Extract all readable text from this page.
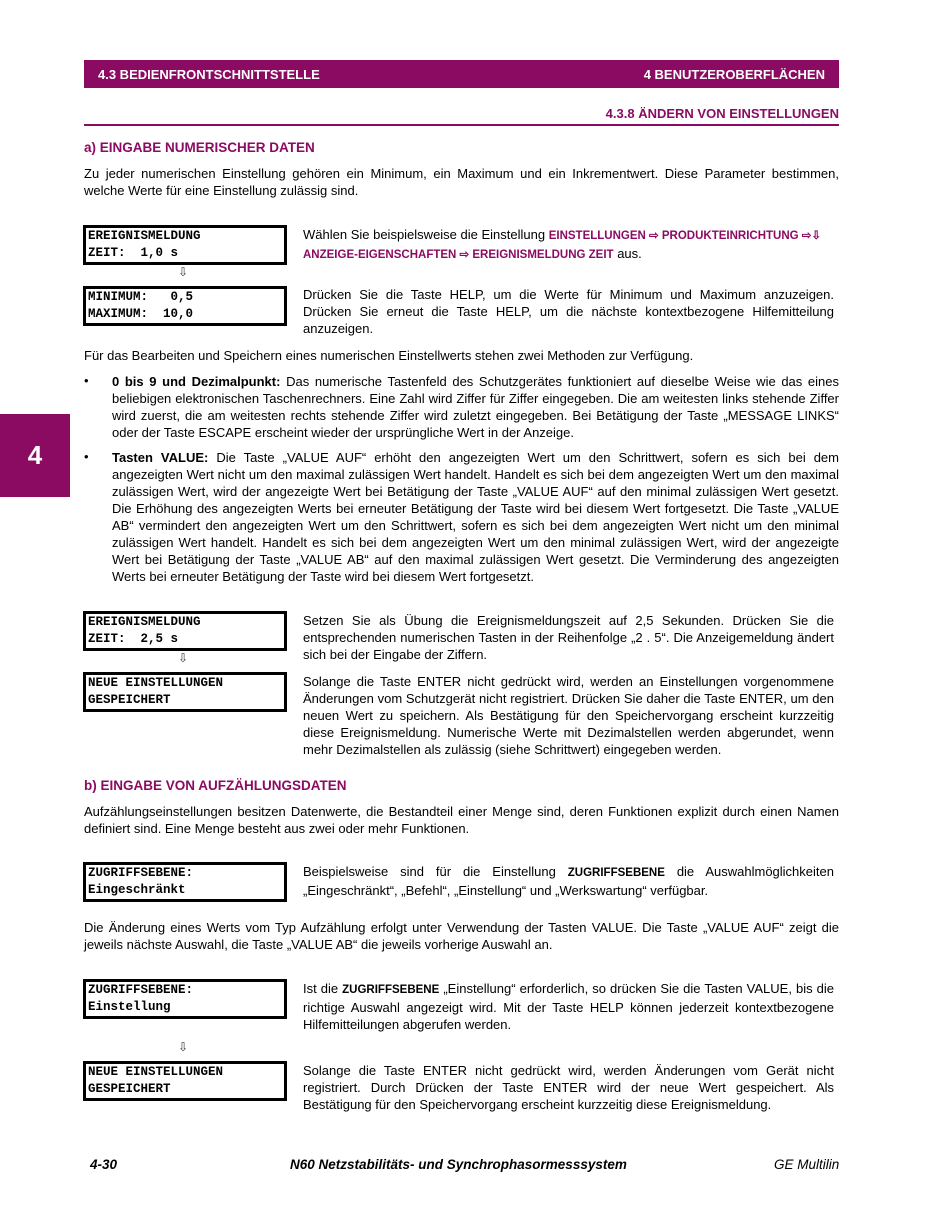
4.3 BEDIENFRONTSCHNITTSTELLE	4 BENUTZEROBERFLÄCHEN
4.3.8 ÄNDERN VON EINSTELLUNGEN
4
a) EINGABE NUMERISCHER DATEN
Zu jeder numerischen Einstellung gehören ein Minimum, ein Maximum und ein Inkrementwert. Diese Parameter bestimmen, welche Werte für eine Einstellung zulässig sind.
EREIGNISMELDUNG
ZEIT:  1,0 s
⇩
MINIMUM:   0,5
MAXIMUM:  10,0
Wählen Sie beispielsweise die Einstellung EINSTELLUNGEN ⇨ PRODUKTEINRICHTUNG ⇨⇩
ANZEIGE-EIGENSCHAFTEN ⇨ EREIGNISMELDUNG ZEIT aus.
Drücken Sie die Taste HELP, um die Werte für Minimum und Maximum anzuzeigen. Drücken Sie erneut die Taste HELP, um die nächste kontextbezogene Hilfemitteilung anzuzeigen.
Für das Bearbeiten und Speichern eines numerischen Einstellwerts stehen zwei Methoden zur Verfügung.
• 0 bis 9 und Dezimalpunkt: Das numerische Tastenfeld des Schutzgerätes funktioniert auf dieselbe Weise wie das eines beliebigen elektronischen Taschenrechners. Eine Zahl wird Ziffer für Ziffer eingegeben. Die am weitesten links stehende Ziffer wird zuerst, die am weitesten rechts stehende Ziffer wird zuletzt eingegeben. Bei Betätigung der Taste „MESSAGE LINKS“ oder der Taste ESCAPE erscheint wieder der ursprüngliche Wert in der Anzeige.
• Tasten VALUE: Die Taste „VALUE AUF“ erhöht den angezeigten Wert um den Schrittwert, sofern es sich bei dem angezeigten Wert nicht um den maximal zulässigen Wert handelt. Handelt es sich bei dem angezeigten Wert um den maximal zulässigen Wert, wird der angezeigte Wert bei Betätigung der Taste „VALUE AUF“ auf den minimal zulässigen Wert gesetzt. Die Erhöhung des angezeigten Werts bei erneuter Betätigung der Taste wird bei diesem Wert fortgesetzt. Die Taste „VALUE AB“ vermindert den angezeigten Wert um den Schrittwert, sofern es sich bei dem angezeigten Wert nicht um den minimal zulässigen Wert handelt. Handelt es sich bei dem angezeigten Wert um den minimal zulässigen Wert, wird der angezeigte Wert bei Betätigung der Taste „VALUE AB“ auf den maximal zulässigen Wert gesetzt. Die Verminderung des angezeigten Werts bei erneuter Betätigung der Taste wird bei diesem Wert fortgesetzt.
EREIGNISMELDUNG
ZEIT:  2,5 s
⇩
NEUE EINSTELLUNGEN
GESPEICHERT
Setzen Sie als Übung die Ereignismeldungszeit auf 2,5 Sekunden. Drücken Sie die entsprechenden numerischen Tasten in der Reihenfolge „2 . 5“. Die Anzeigemeldung ändert sich bei der Eingabe der Ziffern.
Solange die Taste ENTER nicht gedrückt wird, werden an Einstellungen vorgenommene Änderungen vom Schutzgerät nicht registriert. Drücken Sie daher die Taste ENTER, um den neuen Wert zu speichern. Als Bestätigung für den Speichervorgang erscheint kurzzeitig diese Ereignismeldung. Numerische Werte mit Dezimalstellen werden abgerundet, wenn mehr Dezimalstellen als zulässig (siehe Schrittwert) eingegeben werden.
b) EINGABE VON AUFZÄHLUNGSDATEN
Aufzählungseinstellungen besitzen Datenwerte, die Bestandteil einer Menge sind, deren Funktionen explizit durch einen Namen definiert sind. Eine Menge besteht aus zwei oder mehr Funktionen.
ZUGRIFFSEBENE:
Eingeschränkt
Beispielsweise sind für die Einstellung ZUGRIFFSEBENE die Auswahlmöglichkeiten „Eingeschränkt“, „Befehl“, „Einstellung“ und „Werkswartung“ verfügbar.
Die Änderung eines Werts vom Typ Aufzählung erfolgt unter Verwendung der Tasten VALUE. Die Taste „VALUE AUF“ zeigt die jeweils nächste Auswahl, die Taste „VALUE AB“ die jeweils vorherige Auswahl an.
ZUGRIFFSEBENE:
Einstellung
Ist die ZUGRIFFSEBENE „Einstellung“ erforderlich, so drücken Sie die Tasten VALUE, bis die richtige Auswahl angezeigt wird. Mit der Taste HELP können jederzeit kontextbezogene Hilfemitteilungen abgerufen werden.
⇩
NEUE EINSTELLUNGEN
GESPEICHERT
Solange die Taste ENTER nicht gedrückt wird, werden Änderungen vom Gerät nicht registriert. Durch Drücken der Taste ENTER wird der neue Wert gespeichert. Als Bestätigung für den Speichervorgang erscheint kurzzeitig diese Ereignismeldung.
4-30	N60 Netzstabilitäts- und Synchrophasormesssystem	GE Multilin
